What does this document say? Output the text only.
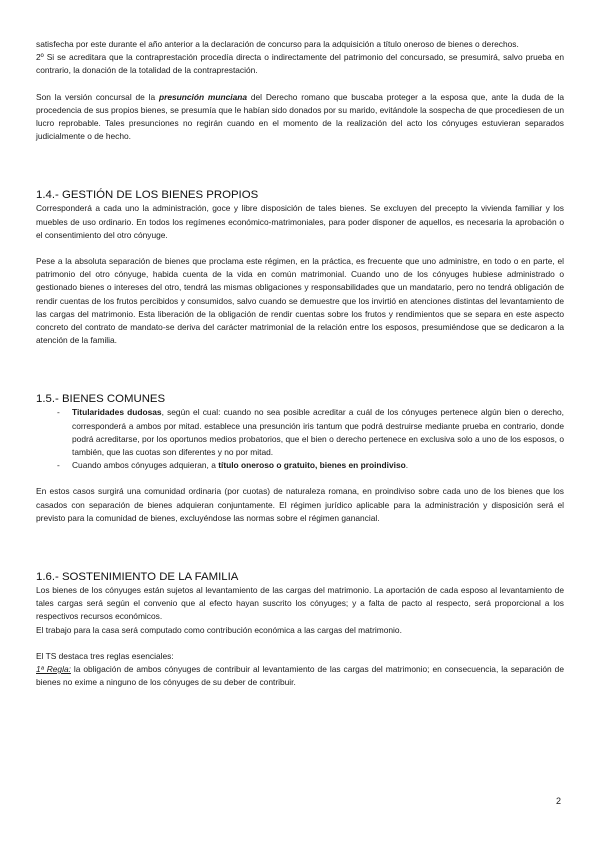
satisfecha por este durante el año anterior a la declaración de concurso para la adquisición a título oneroso de bienes o derechos.

2º Si se acreditara que la contraprestación procedía directa o indirectamente del patrimonio del concursado, se presumirá, salvo prueba en contrario, la donación de la totalidad de la contraprestación.

Son la versión concursal de la presunción munciana del Derecho romano que buscaba proteger a la esposa que, ante la duda de la procedencia de sus propios bienes, se presumía que le habían sido donados por su marido, evitándole la sospecha de que procediesen de un lucro reprobable. Tales presunciones no regirán cuando en el momento de la realización del acto los cónyuges estuvieran separados judicialmente o de hecho.

1.4.- GESTIÓN DE LOS BIENES PROPIOS

Corresponderá a cada uno la administración, goce y libre disposición de tales bienes. Se excluyen del precepto la vivienda familiar y los muebles de uso ordinario. En todos los regímenes económico-matrimoniales, para poder disponer de aquellos, es necesaria la aprobación o el consentimiento del otro cónyuge.

Pese a la absoluta separación de bienes que proclama este régimen, en la práctica, es frecuente que uno administre, en todo o en parte, el patrimonio del otro cónyuge, habida cuenta de la vida en común matrimonial. Cuando uno de los cónyuges hubiese administrado o gestionado bienes o intereses del otro, tendrá las mismas obligaciones y responsabilidades que un mandatario, pero no tendrá obligación de rendir cuentas de los frutos percibidos y consumidos, salvo cuando se demuestre que los invirtió en atenciones distintas del levantamiento de las cargas del matrimonio. Esta liberación de la obligación de rendir cuentas sobre los frutos y rendimientos que se separa en este aspecto concreto del contrato de mandato-se deriva del carácter matrimonial de la relación entre los esposos, presumiéndose que se dedicaron a la atención de la familia.

1.5.- BIENES COMUNES
- Titularidades dudosas, según el cual: cuando no sea posible acreditar a cuál de los cónyuges pertenece algún bien o derecho, corresponderá a ambos por mitad. establece una presunción iris tantum que podrá destruirse mediante prueba en contrario, donde podrá acreditarse, por los oportunos medios probatorios, que el bien o derecho pertenece en exclusiva solo a uno de los esposos, o también, que las cuotas son diferentes y no por mitad.
- Cuando ambos cónyuges adquieran, a título oneroso o gratuito, bienes en proindiviso.

En estos casos surgirá una comunidad ordinaria (por cuotas) de naturaleza romana, en proindiviso sobre cada uno de los bienes que los casados con separación de bienes adquieran conjuntamente. El régimen jurídico aplicable para la administración y disposición será el previsto para la comunidad de bienes, excluyéndose las normas sobre el régimen ganancial.

1.6.- SOSTENIMIENTO DE LA FAMILIA

Los bienes de los cónyuges están sujetos al levantamiento de las cargas del matrimonio. La aportación de cada esposo al levantamiento de tales cargas será según el convenio que al efecto hayan suscrito los cónyuges; y a falta de pacto al respecto, será proporcional a los respectivos recursos económicos.

El trabajo para la casa será computado como contribución económica a las cargas del matrimonio.

El TS destaca tres reglas esenciales:

1ª Regla: la obligación de ambos cónyuges de contribuir al levantamiento de las cargas del matrimonio; en consecuencia, la separación de bienes no exime a ninguno de los cónyuges de su deber de contribuir.

2
